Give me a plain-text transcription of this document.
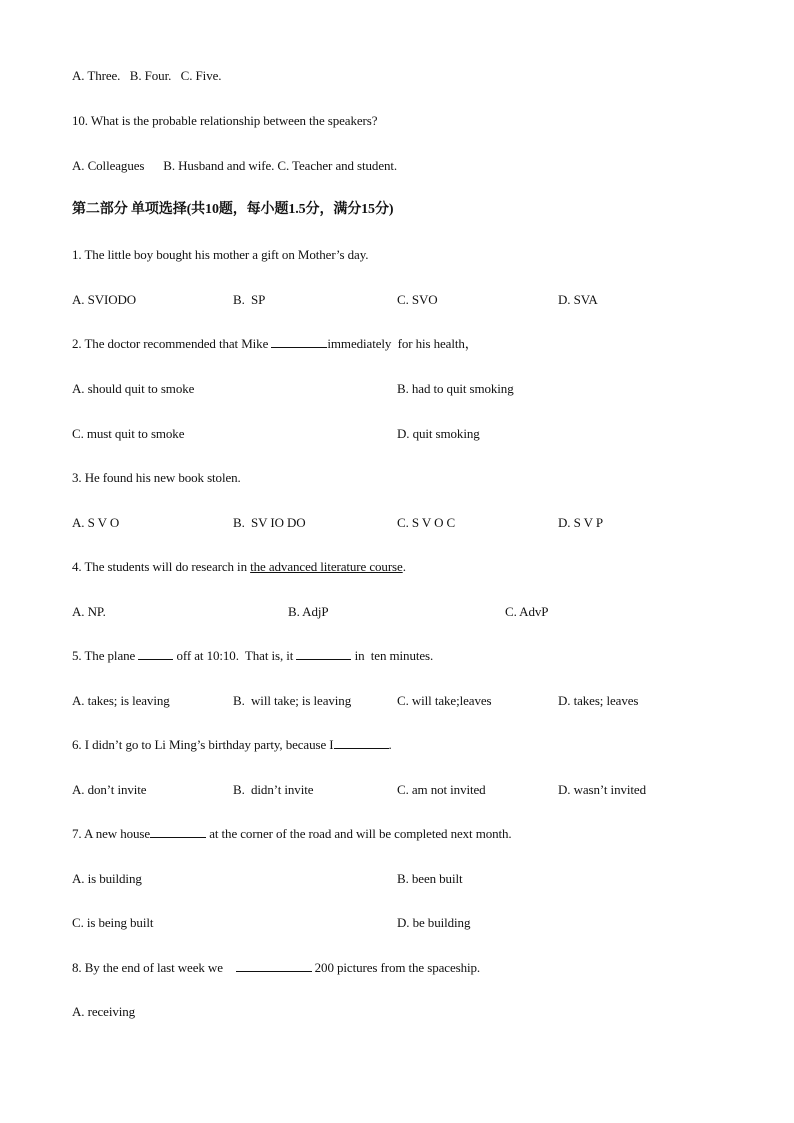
A. Three.   B. Four.   C. Five.
10. What is the probable relationship between the speakers?
A. Colleagues      B. Husband and wife. C. Teacher and student.
第二部分 单项选择(共10题，每小题1.5分，满分15分)
1. The little boy bought his mother a gift on Mother’s day.
A. SVIODO	B.  SP	C. SVO	D. SVA
2. The doctor recommended that Mike	immediately  for his health，
A. should quit to smoke	B. had to quit smoking
C. must quit to smoke	D. quit smoking
3. He found his new book stolen.
A. S V O	B.  SV IO DO	C. S V O C	D. S V P
4. The students will do research in the advanced literature course.
A. NP.	B. AdjP	C. AdvP
5. The plane	off at 10:10.  That is, it	in  ten minutes.
A. takes; is leaving	B.  will take; is leaving	C. will take;leaves	D. takes; leaves
6. I didn’t go to Li Ming’s birthday party, because I	.
A. don’t invite	B.  didn’t invite	C. am not invited	D. wasn’t invited
7. A new house	at the corner of the road and will be completed next month.
A. is building	B. been built
C. is being built	D. be building
8. By the end of last week we	200 pictures from the spaceship.
A. receiving
